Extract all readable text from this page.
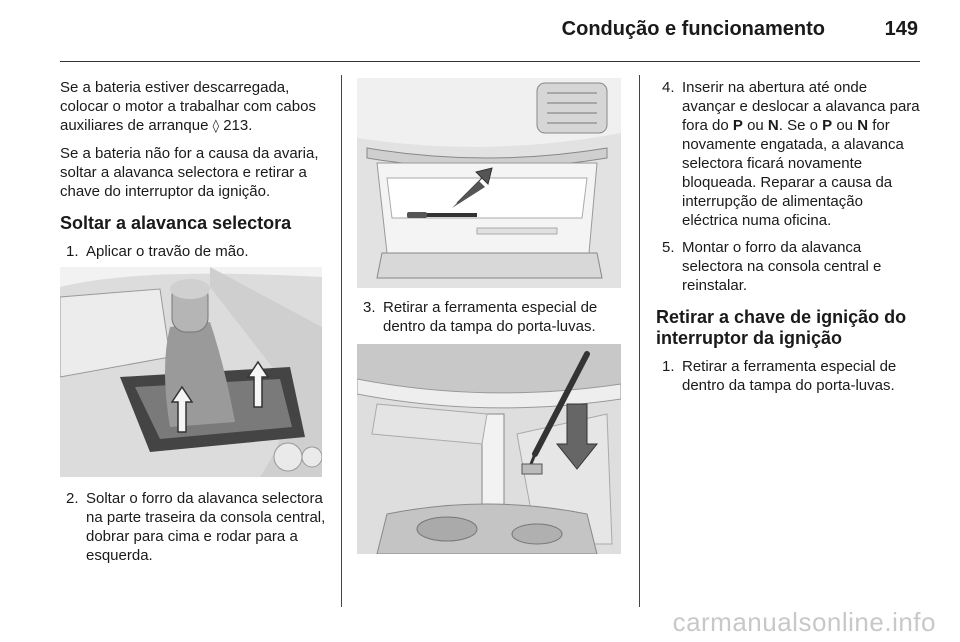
Condução e funcionamento	149

Se a bateria estiver descarregada, colocar o motor a trabalhar com cabos auxiliares de arranque ◊ 213.

Se a bateria não for a causa da avaria, soltar a alavanca selectora e retirar a chave do interruptor da ignição.

Soltar a alavanca selectora
1. Aplicar o travão de mão.
2. Soltar o forro da alavanca selectora na parte traseira da consola central, dobrar para cima e rodar para a esquerda.
3. Retirar a ferramenta especial de dentro da tampa do porta-luvas.
4. Inserir na abertura até onde avançar e deslocar a alavanca para fora do P ou N. Se o P ou N for novamente engatada, a alavanca selectora ficará novamente bloqueada. Reparar a causa da interrupção de alimentação eléctrica numa oficina.
5. Montar o forro da alavanca selectora na consola central e reinstalar.
Retirar a chave de ignição do interruptor da ignição
1. Retirar a ferramenta especial de dentro da tampa do porta-luvas.
carmanualsonline.info
